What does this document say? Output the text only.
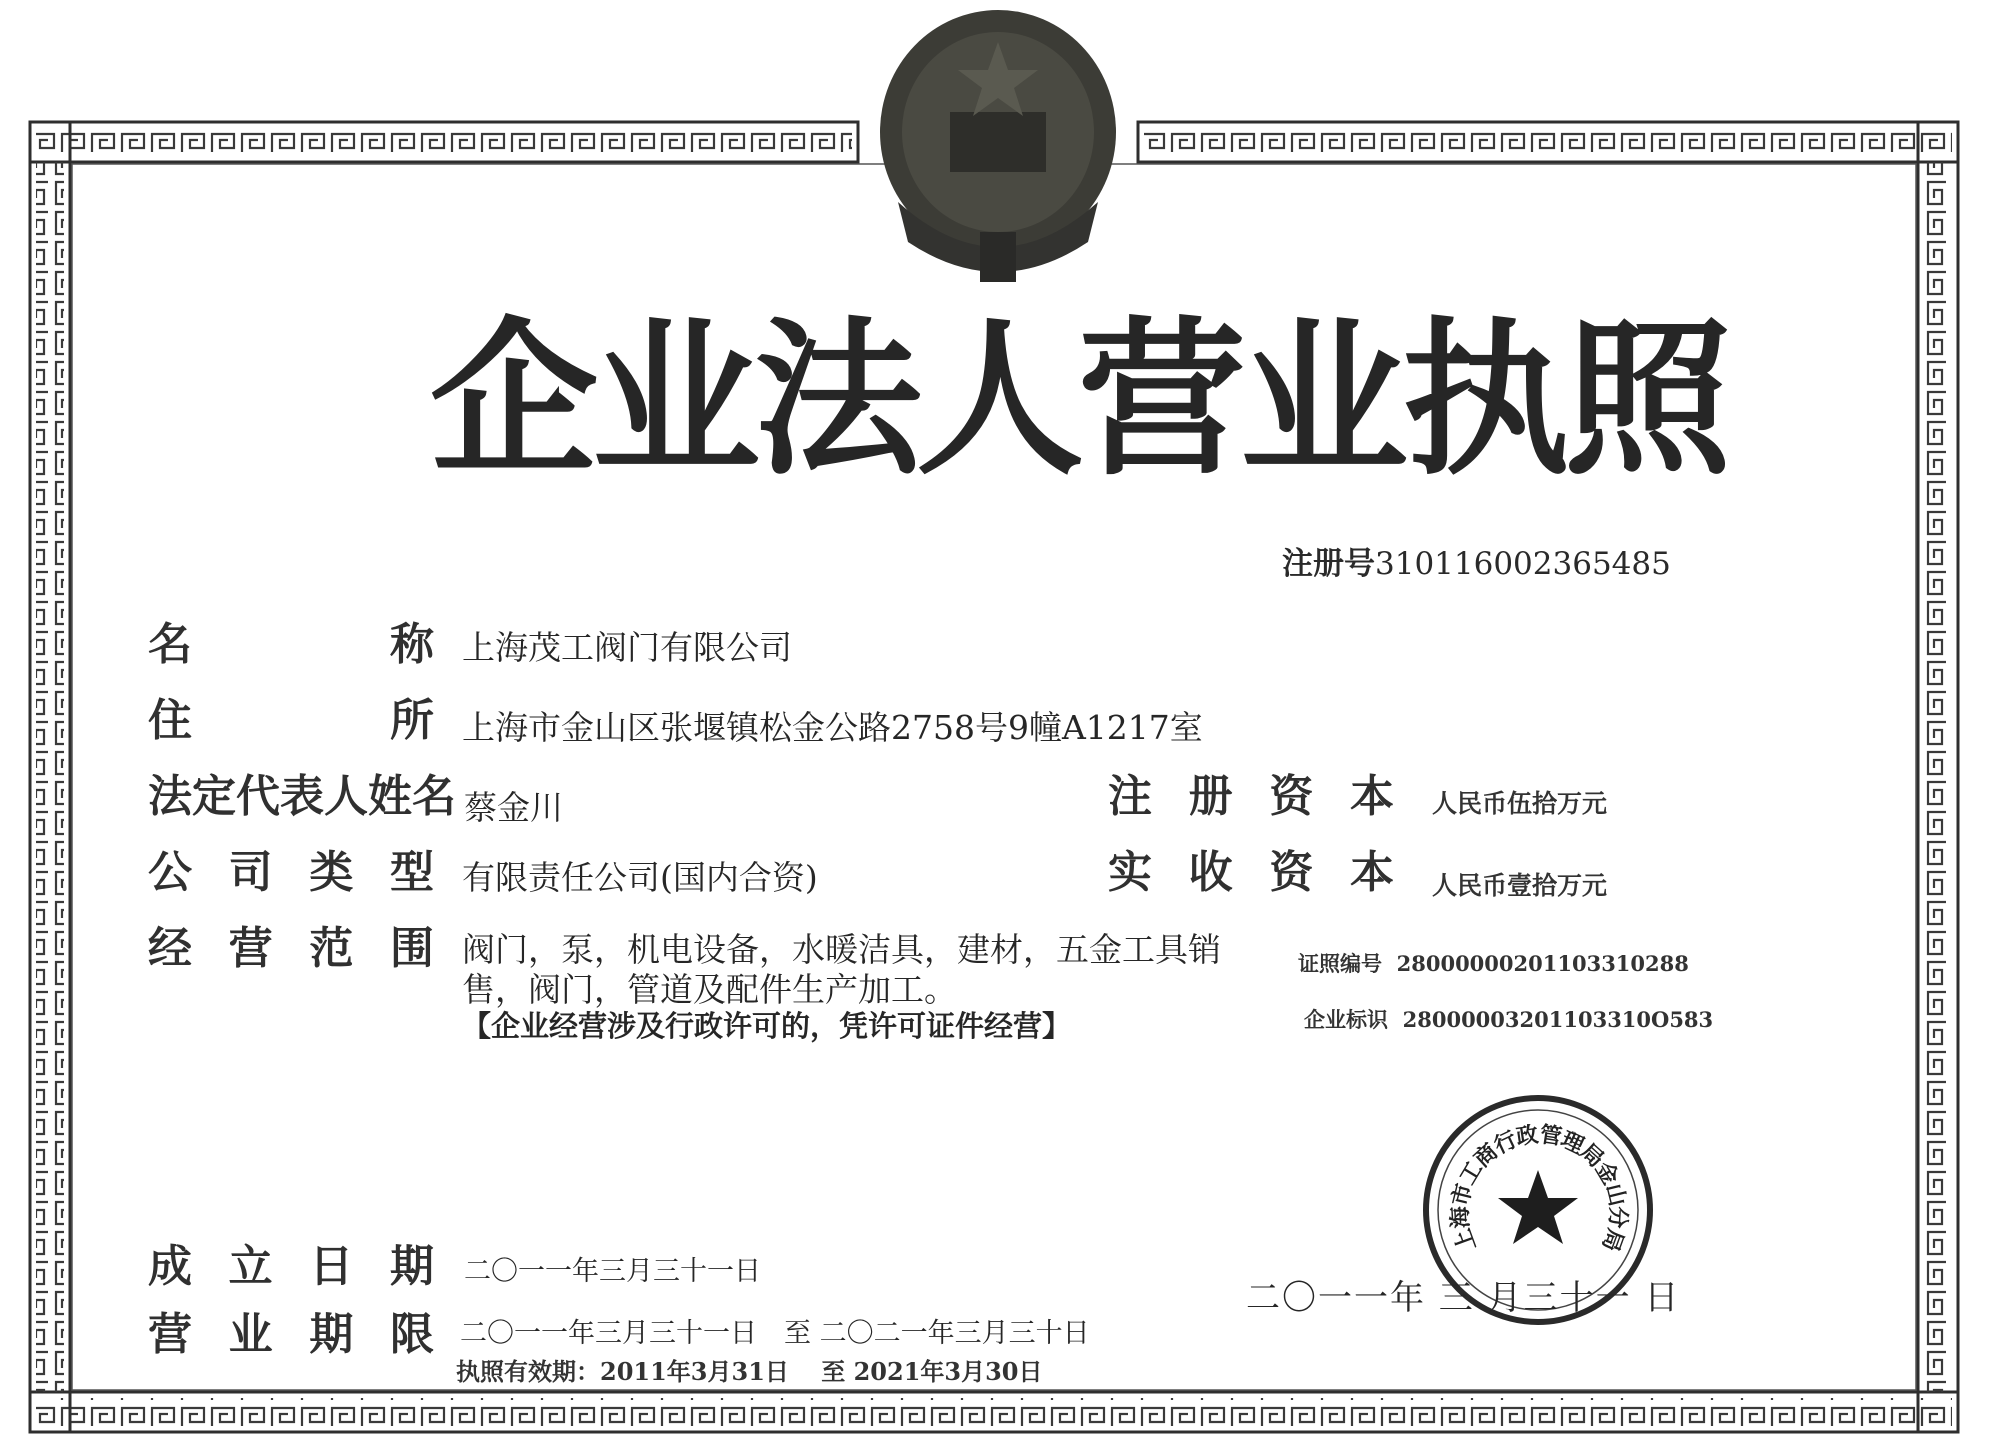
企业法人营业执照
注册号310116002365485
名	称 上海茂工阀门有限公司
住	所 上海市金山区张堰镇松金公路2758号9幢A1217室
法定代表人姓名 蔡金川
公 司 类 型 有限责任公司(国内合资)
经 营 范 围 阀门，泵，机电设备，水暖洁具，建材，五金工具销
售，阀门，管道及配件生产加工。
【企业经营涉及行政许可的，凭许可证件经营】
注 册 资 本 人民币伍拾万元
实 收 资 本 人民币壹拾万元
证照编号 28000000201103310288
企业标识 28000003201103310O583
成 立 日 期 二〇一一年三月三十一日
营 业 期 限 二〇一一年三月三十一日　至 二〇二一年三月三十日
执照有效期：2011年3月31日　 至 2021年3月30日
上
海
市
工
商
行
政
管
理
局
金
山
分
局
二〇一一年 三 月三十一 日
